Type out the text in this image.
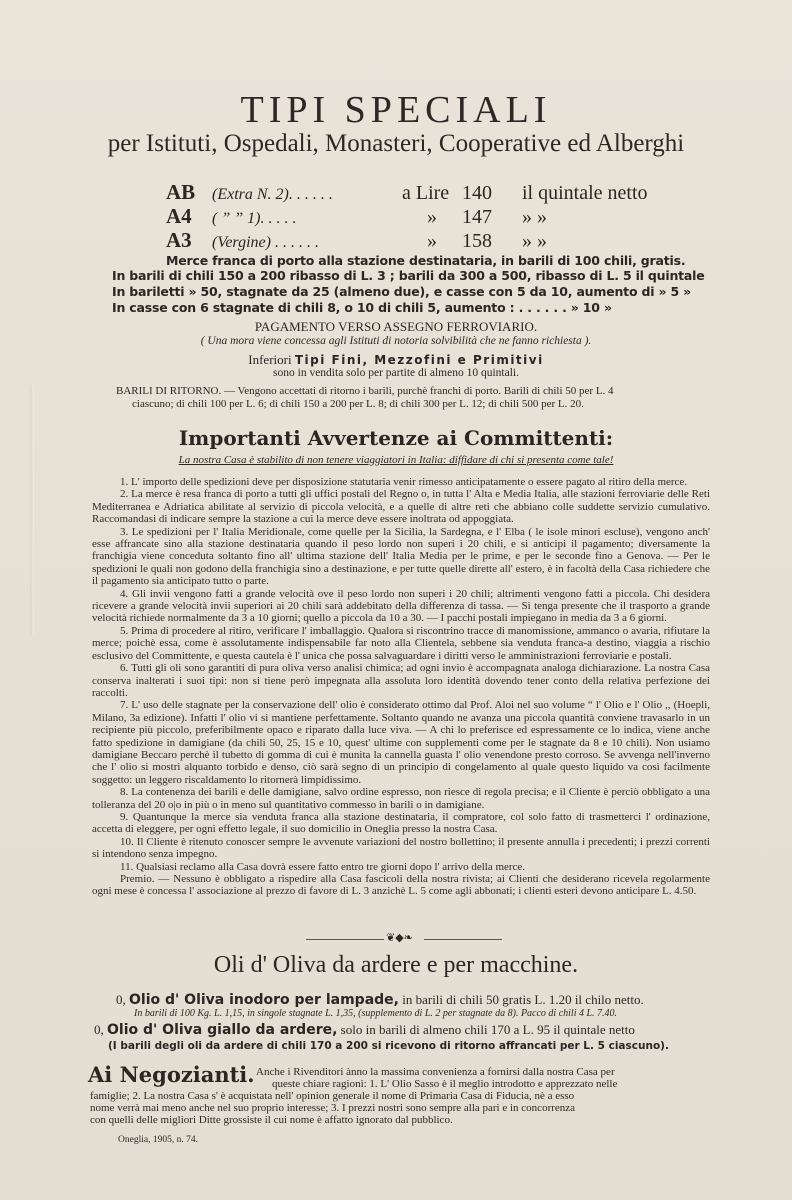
TIPI SPECIALI
per Istituti, Ospedali, Monasteri, Cooperative ed Alberghi
AB (Extra N. 2). . . . . .	a Lire 140 il quintale netto
A4 ( ” ” 1). . . . .	» 147 » »
A3 (Vergine) . . . . . .	» 158 » »
Merce franca di porto alla stazione destinataria, in barili di 100 chili, gratis.
In barili di chili 150 a 200 ribasso di L. 3 ; barili da 300 a 500, ribasso di L. 5 il quintale
In bariletti » 50, stagnate da 25 (almeno due), e casse con 5 da 10, aumento di » 5 »
In casse con 6 stagnate di chili 8, o 10 di chili 5, aumento : . . . . . . » 10 »
PAGAMENTO VERSO ASSEGNO FERROVIARIO.
( Una mora viene concessa agli Istituti di notoria solvibilità che ne fanno richiesta ).
Inferiori Tipi Fini, Mezzofini e Primitivi
sono in vendita solo per partite di almeno 10 quintali.
BARILI DI RITORNO. — Vengono accettati di ritorno i barili, purchè franchi di porto. Barili di chili 50 per L. 4
ciascuno; di chili 100 per L. 6; di chili 150 a 200 per L. 8; di chili 300 per L. 12; di chili 500 per L. 20.
Importanti Avvertenze ai Committenti:
La nostra Casa è stabilito di non tenere viaggiatori in Italia: diffidare di chi si presenta come tale!

1. L' importo delle spedizioni deve per disposizione statutaria venir rimesso anticipatamente o essere pagato al ritiro della merce.

2. La merce è resa franca di porto a tutti gli uffici postali del Regno o, in tutta l' Alta e Media Italia, alle stazioni ferroviarie delle Reti Mediterranea e Adriatica abilitate al servizio di piccola velocità, e a quelle di altre reti che abbiano colle suddette servizio cumulativo. Raccomandasi di indicare sempre la stazione a cui la merce deve essere inoltrata od appoggiata.

3. Le spedizioni per l' Italia Meridionale, come quelle per la Sicilia, la Sardegna, e l' Elba ( le isole minori escluse), vengono anch' esse affrancate sino alla stazione destinataria quando il peso lordo non superi i 20 chili, e si anticipi il pagamento; diversamente la franchigia viene conceduta soltanto fino all' ultima stazione dell' Italia Media per le prime, e per le seconde fino a Genova. — Per le spedizioni le quali non godono della franchigia sino a destinazione, e per tutte quelle dirette all' estero, è in facoltà della Casa richiedere che il pagamento sia anticipato tutto o parte.

4. Gli invii vengono fatti a grande velocità ove il peso lordo non superi i 20 chili; altrimenti vengono fatti a piccola. Chi desidera ricevere a grande velocità invii superiori ai 20 chili sarà addebitato della differenza di tassa. — Si tenga presente che il trasporto a grande velocità richiede normalmente da 3 a 10 giorni; quello a piccola da 10 a 30. — I pacchi postali impiegano in media da 3 a 6 giorni.

5. Prima di procedere al ritiro, verificare l' imballaggio. Qualora si riscontrino tracce di manomissione, ammanco o avaria, rifiutare la merce; poichè essa, come è assolutamente indispensabile far noto alla Clientela, sebbene sia venduta franca-a destino, viaggia a rischio esclusivo del Committente, e questa cautela è l' unica che possa salvaguardare i diritti verso le amministrazioni ferroviarie e postali.

6. Tutti gli oli sono garantiti di pura oliva verso analisi chimica; ad ogni invio è accompagnata analoga dichiarazione. La nostra Casa conserva inalterati i suoi tipi: non si tiene però impegnata alla assoluta loro identità dovendo tener conto della relativa perfezione dei raccolti.

7. L' uso delle stagnate per la conservazione dell' olio è considerato ottimo dal Prof. Aloi nel suo volume “ l' Olio e l' Olio ,, (Hoepli, Milano, 3a edizione). Infatti l' olio vi si mantiene perfettamente. Soltanto quando ne avanza una piccola quantità conviene travasarlo in un recipiente più piccolo, preferibilmente opaco e riparato dalla luce viva. — A chi lo preferisce ed espressamente ce lo indica, viene anche fatto spedizione in damigiane (da chili 50, 25, 15 e 10, quest' ultime con supplementi come per le stagnate da 8 e 10 chili). Non usiamo damigiane Beccaro perchè il tubetto di gomma di cui è munita la cannella guasta l' olio venendone presto corroso. Se avvenga nell'inverno che l' olio si mostri alquanto torbido e denso, ciò sarà segno di un principio di congelamento al quale questo liquido va così facilmente soggetto: un leggero riscaldamento lo ritornerà limpidissimo.

8. La contenenza dei barili e delle damigiane, salvo ordine espresso, non riesce di regola precisa; e il Cliente è perciò obbligato a una tolleranza del 20 o|o in più o in meno sul quantitativo commesso in barili o in damigiane.

9. Quantunque la merce sia venduta franca alla stazione destinataria, il compratore, col solo fatto di trasmetterci l' ordinazione, accetta di eleggere, per ogni effetto legale, il suo domicilio in Oneglia presso la nostra Casa.

10. Il Cliente è ritenuto conoscer sempre le avvenute variazioni del nostro bollettino; il presente annulla i precedenti; i prezzi correnti si intendono senza impegno.

11. Qualsiasi reclamo alla Casa dovrà essere fatto entro tre giorni dopo l' arrivo della merce.

Premio. — Nessuno è obbligato a rispedire alla Casa fascicoli della nostra rivista; ai Clienti che desiderano ricevela regolarmente ogni mese è concessa l' associazione al prezzo di favore di L. 3 anzichè L. 5 come agli abbonati; i clienti esteri devono anticipare L. 4.50.

❦◆❧
Oli d' Oliva da ardere e per macchine.
0, Olio d' Oliva inodoro per lampade, in barili di chili 50 gratis L. 1.20 il chilo netto.
In barili di 100 Kg. L. 1,15, in singole stagnate L. 1,35, (supplemento di L. 2 per stagnate da 8). Pacco di chili 4 L. 7.40.
0, Olio d' Oliva giallo da ardere, solo in barili di almeno chili 170 a L. 95 il quintale netto
(I barili degli oli da ardere di chili 170 a 200 si ricevono di ritorno affrancati per L. 5 ciascuno).
Ai Negozianti. Anche i Rivenditori ànno la massima convenienza a fornirsi dalla nostra Casa per
queste chiare ragioni: 1. L' Olio Sasso è il meglio introdotto e apprezzato nelle
famiglie; 2. La nostra Casa s' è acquistata nell' opinion generale il nome di Primaria Casa di Fiducia, nè a esso
nome verrà mai meno anche nel suo proprio interesse; 3. I prezzi nostri sono sempre alla pari e in concorrenza
con quelli delle migliori Ditte grossiste il cui nome è affatto ignorato dal pubblico.
Oneglia, 1905, n. 74.
